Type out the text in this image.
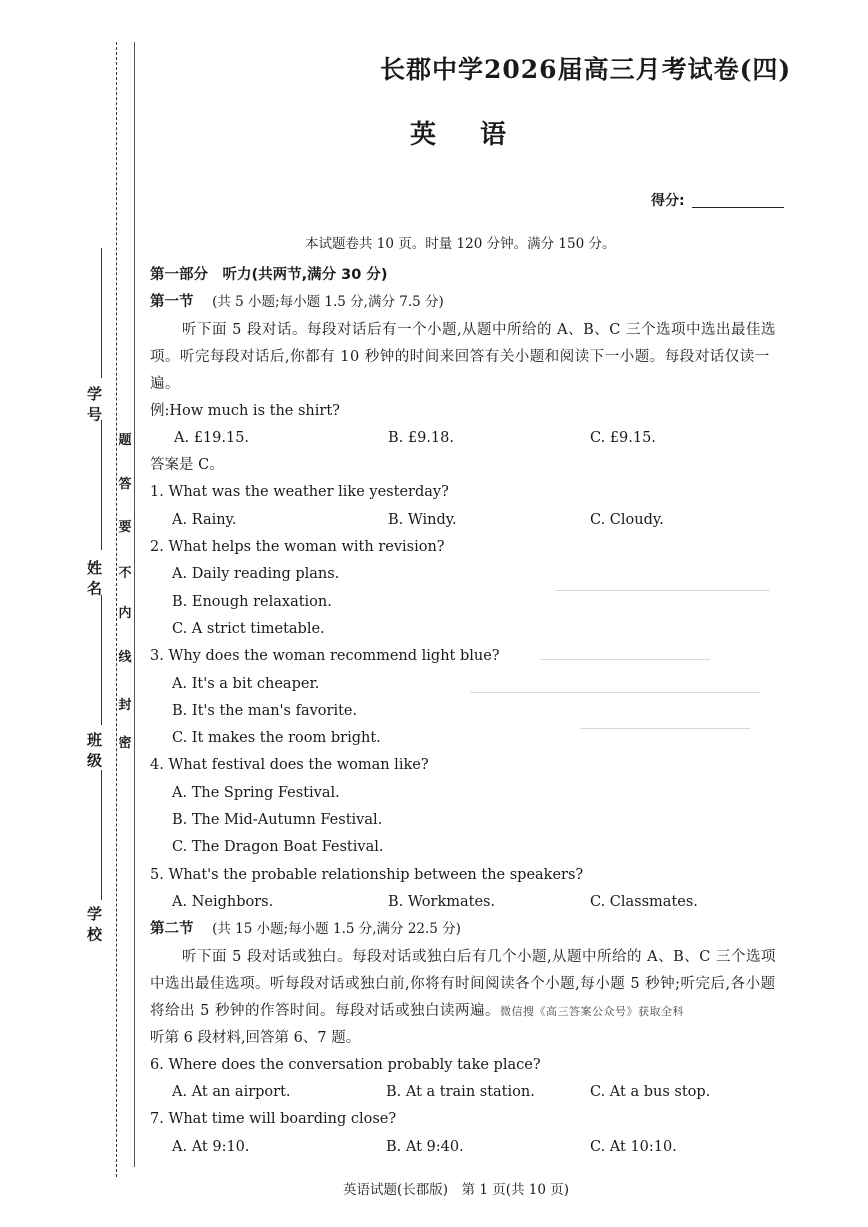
学 号
姓 名
班 级
学 校
密
封
线
内
不
要
答
题
长郡中学2026届高三月考试卷(四)
英语
得分:
本试题卷共 10 页。时量 120 分钟。满分 150 分。
第一部分　听力(共两节,满分 30 分)
第一节 (共 5 小题;每小题 1.5 分,满分 7.5 分)
听下面 5 段对话。每段对话后有一个小题,从题中所给的 A、B、C 三个选项中选出最佳选项。听完每段对话后,你都有 10 秒钟的时间来回答有关小题和阅读下一小题。每段对话仅读一遍。
例:How much is the shirt?
A. £19.15.	B. £9.18.	C. £9.15.
答案是 C。
1. What was the weather like yesterday?
A. Rainy.	B. Windy.	C. Cloudy.
2. What helps the woman with revision?
A. Daily reading plans.
B. Enough relaxation.
C. A strict timetable.
3. Why does the woman recommend light blue?
A. It's a bit cheaper.
B. It's the man's favorite.
C. It makes the room bright.
4. What festival does the woman like?
A. The Spring Festival.
B. The Mid-Autumn Festival.
C. The Dragon Boat Festival.
5. What's the probable relationship between the speakers?
A. Neighbors.	B. Workmates.	C. Classmates.
第二节 (共 15 小题;每小题 1.5 分,满分 22.5 分)
听下面 5 段对话或独白。每段对话或独白后有几个小题,从题中所给的 A、B、C 三个选项中选出最佳选项。听每段对话或独白前,你将有时间阅读各个小题,每小题 5 秒钟;听完后,各小题将给出 5 秒钟的作答时间。每段对话或独白读两遍。微信搜《高三答案公众号》获取全科
听第 6 段材料,回答第 6、7 题。
6. Where does the conversation probably take place?
A. At an airport.	B. At a train station.	C. At a bus stop.
7. What time will boarding close?
A. At 9:10.	B. At 9:40.	C. At 10:10.
英语试题(长郡版)　第 1 页(共 10 页)
